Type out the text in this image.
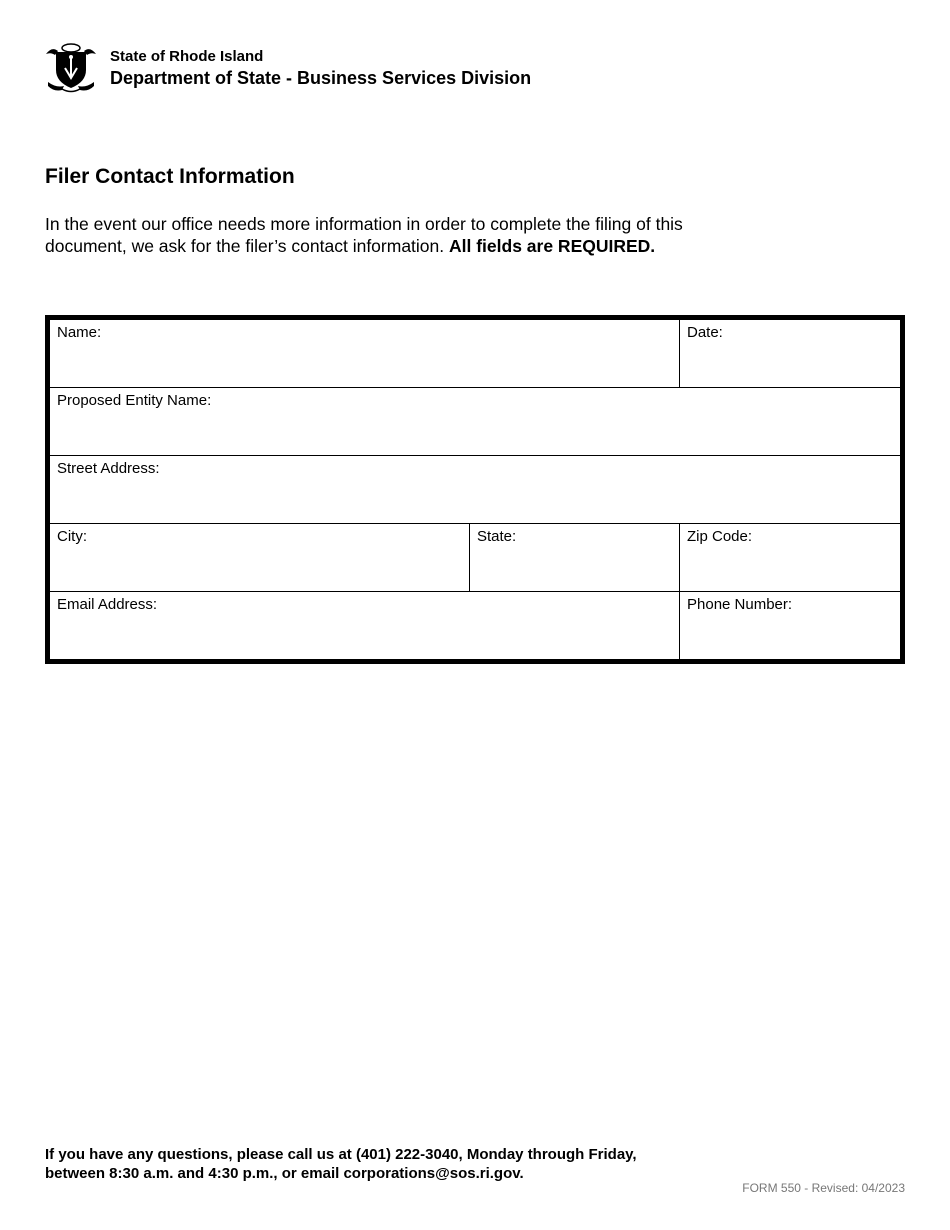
State of Rhode Island
Department of State - Business Services Division
Filer Contact Information

In the event our office needs more information in order to complete the filing of this document, we ask for the filer’s contact information. All fields are REQUIRED.

Name:	Date:
Proposed Entity Name:
Street Address:
City:	State:	Zip Code:
Email Address:	Phone Number:

If you have any questions, please call us at (401) 222-3040, Monday through Friday,
between 8:30 a.m. and 4:30 p.m., or email corporations@sos.ri.gov.

FORM 550 - Revised: 04/2023
